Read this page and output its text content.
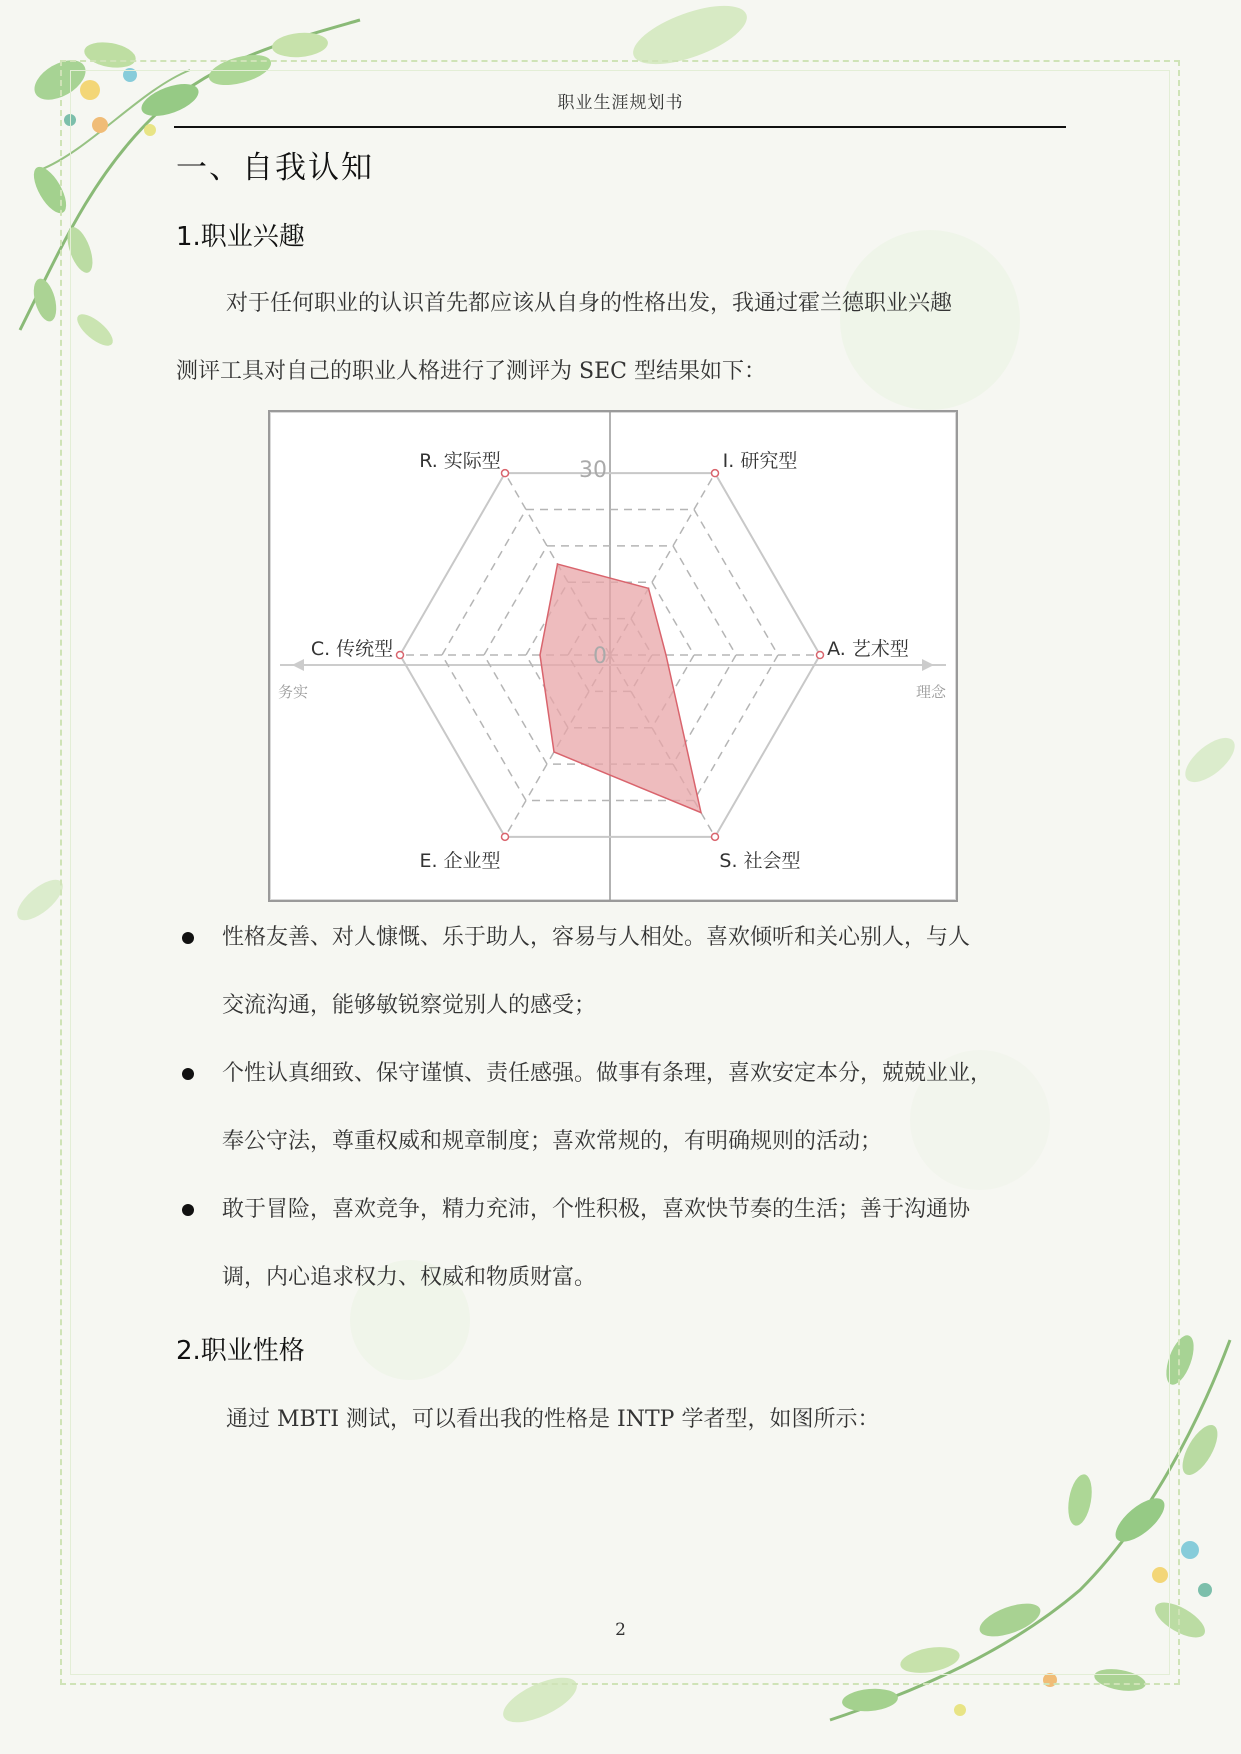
职业生涯规划书
一、自我认知
1.职业兴趣
对于任何职业的认识首先都应该从自身的性格出发，我通过霍兰德职业兴趣
测评工具对自己的职业人格进行了测评为 SEC 型结果如下：
R. 实际型	I. 研究型
A. 艺术型
S. 社会型
E. 企业型
C. 传统型
30
0
务实	理念
性格友善、对人慷慨、乐于助人，容易与人相处。喜欢倾听和关心别人，与人
交流沟通，能够敏锐察觉别人的感受；
个性认真细致、保守谨慎、责任感强。做事有条理，喜欢安定本分，兢兢业业，
奉公守法，尊重权威和规章制度；喜欢常规的，有明确规则的活动；
敢于冒险，喜欢竞争，精力充沛，个性积极，喜欢快节奏的生活；善于沟通协
调，内心追求权力、权威和物质财富。
2.职业性格
通过 MBTI 测试，可以看出我的性格是 INTP 学者型，如图所示：
2
